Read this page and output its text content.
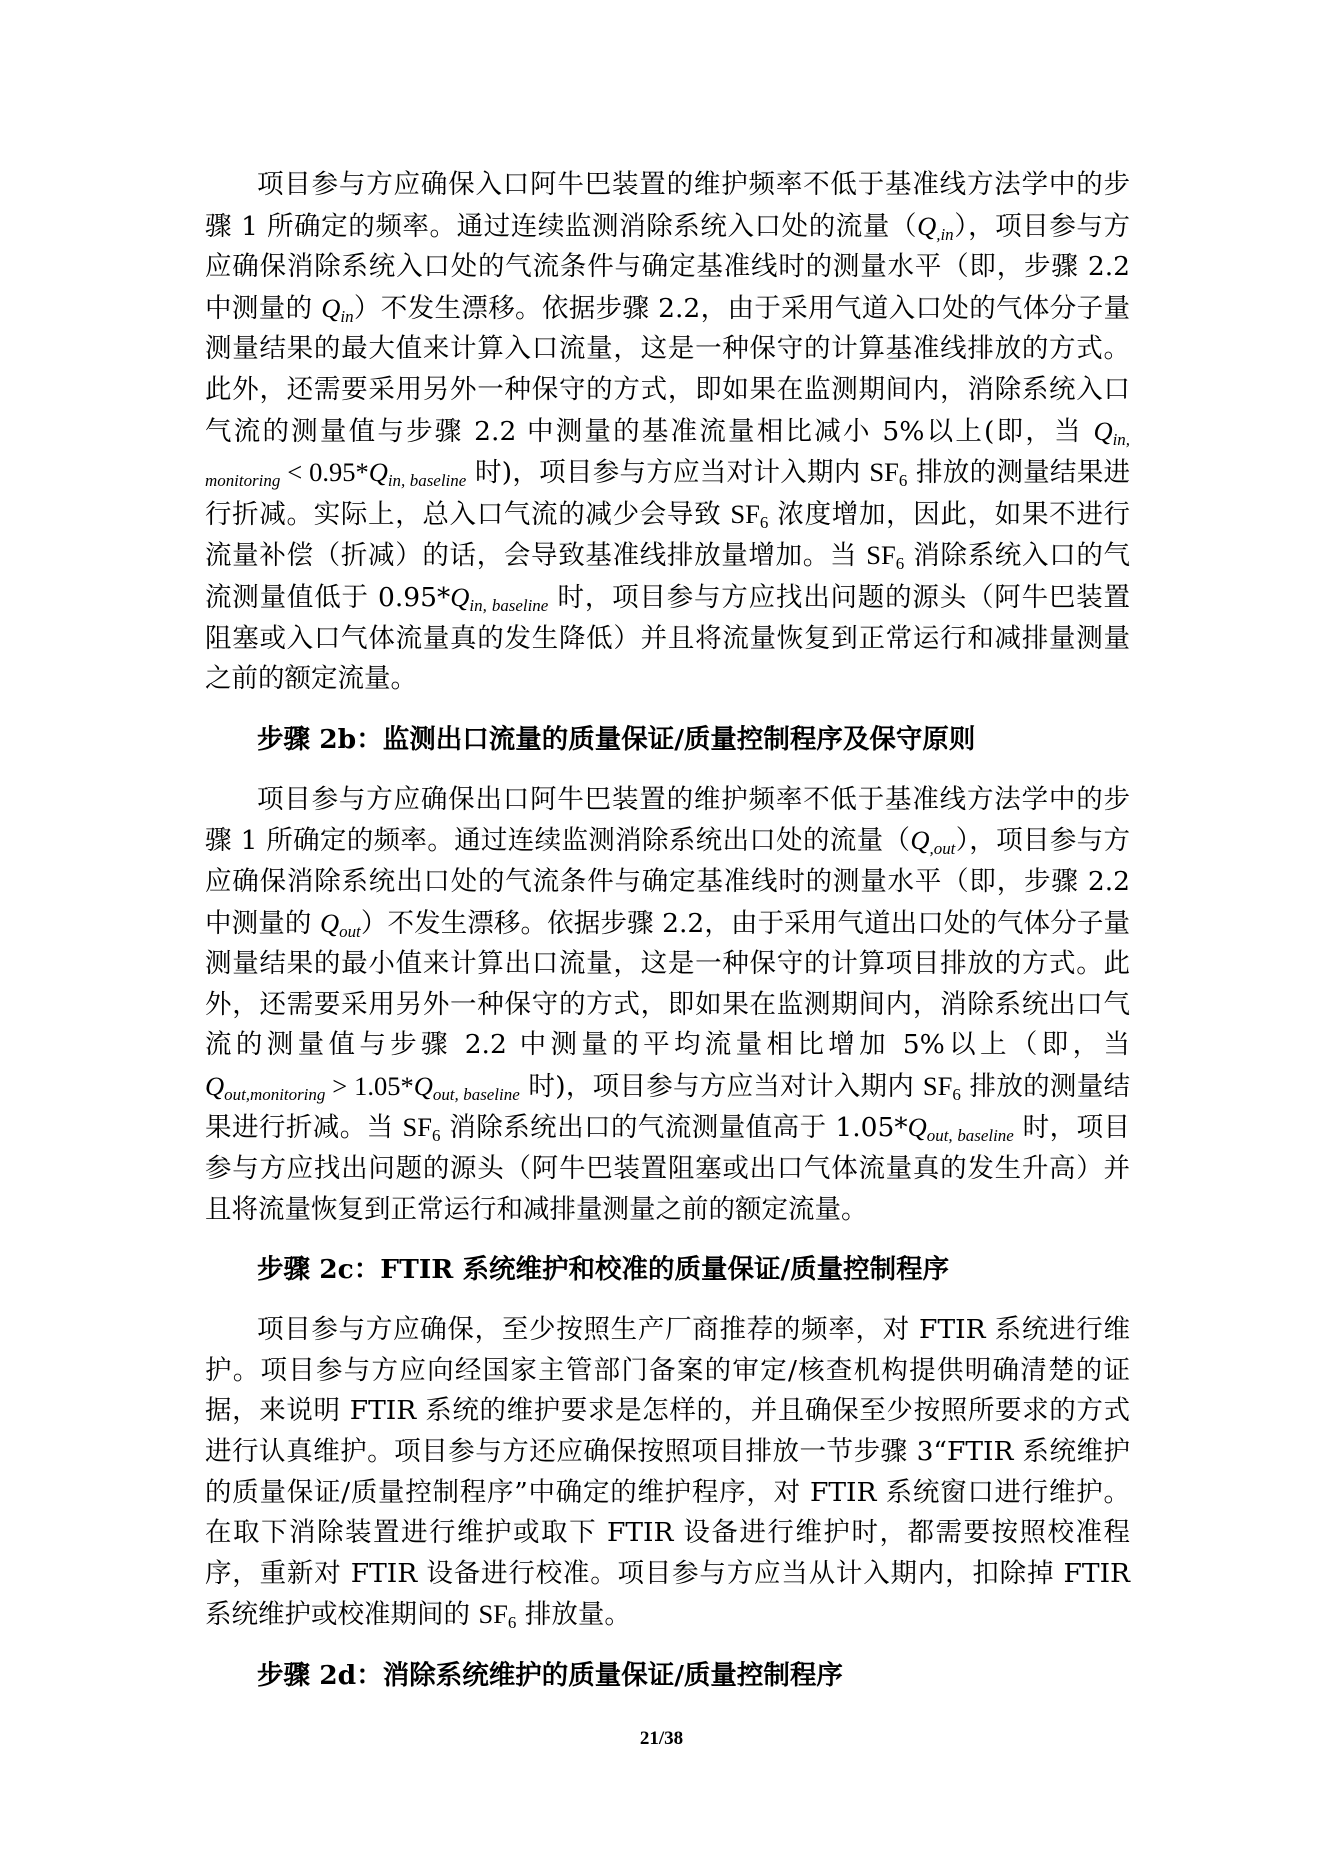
项目参与方应确保入口阿牛巴装置的维护频率不低于基准线方法学中的步骤 1 所确定的频率。通过连续监测消除系统入口处的流量$(Q_{,in})$，项目参与方应确保消除系统入口处的气流条件与确定基准线时的测量水平（即，步骤 2.2 中测量的 $Q_{in}$）不发生漂移。依据步骤 2.2，由于采用气道入口处的气体分子量测量结果的最大值来计算入口流量，这是一种保守的计算基准线排放的方式。此外，还需要采用另外一种保守的方式，即如果在监测期间内，消除系统入口气流的测量值与步骤 2.2 中测量的基准流量相比减小 5%以上(即，当 $Q_{in, monitoring} < 0.95*Q_{in, baseline}$ 时)，项目参与方应当对计入期内 $SF_6$ 排放的测量结果进行折减。实际上，总入口气流的减少会导致 $SF_6$ 浓度增加，因此，如果不进行流量补偿（折减）的话，会导致基准线排放量增加。当 $SF_6$ 消除系统入口的气流测量值低于 $0.95*Q_{in, baseline}$ 时，项目参与方应找出问题的源头（阿牛巴装置阻塞或入口气体流量真的发生降低）并且将流量恢复到正常运行和减排量测量之前的额定流量。

步骤 2b：监测出口流量的质量保证/质量控制程序及保守原则

项目参与方应确保出口阿牛巴装置的维护频率不低于基准线方法学中的步骤 1 所确定的频率。通过连续监测消除系统出口处的流量$(Q_{,out})$，项目参与方应确保消除系统出口处的气流条件与确定基准线时的测量水平（即，步骤 2.2 中测量的 $Q_{out}$）不发生漂移。依据步骤 2.2，由于采用气道出口处的气体分子量测量结果的最小值来计算出口流量，这是一种保守的计算项目排放的方式。此外，还需要采用另外一种保守的方式，即如果在监测期间内，消除系统出口气流的测量值与步骤 2.2 中测量的平均流量相比增加 5%以上（即，当 $Q_{out,monitoring} > 1.05*Q_{out, baseline}$ 时)，项目参与方应当对计入期内 $SF_6$ 排放的测量结果进行折减。当 $SF_6$ 消除系统出口的气流测量值高于 $1.05*Q_{out, baseline}$ 时，项目参与方应找出问题的源头（阿牛巴装置阻塞或出口气体流量真的发生升高）并且将流量恢复到正常运行和减排量测量之前的额定流量。

步骤 2c：FTIR 系统维护和校准的质量保证/质量控制程序

项目参与方应确保，至少按照生产厂商推荐的频率，对 FTIR 系统进行维护。项目参与方应向经国家主管部门备案的审定/核查机构提供明确清楚的证据，来说明 FTIR 系统的维护要求是怎样的，并且确保至少按照所要求的方式进行认真维护。项目参与方还应确保按照项目排放一节步骤 3“FTIR 系统维护的质量保证/质量控制程序”中确定的维护程序，对 FTIR 系统窗口进行维护。在取下消除装置进行维护或取下 FTIR 设备进行维护时，都需要按照校准程序，重新对 FTIR 设备进行校准。项目参与方应当从计入期内，扣除掉 FTIR 系统维护或校准期间的 $SF_6$ 排放量。

步骤 2d：消除系统维护的质量保证/质量控制程序
21/38
